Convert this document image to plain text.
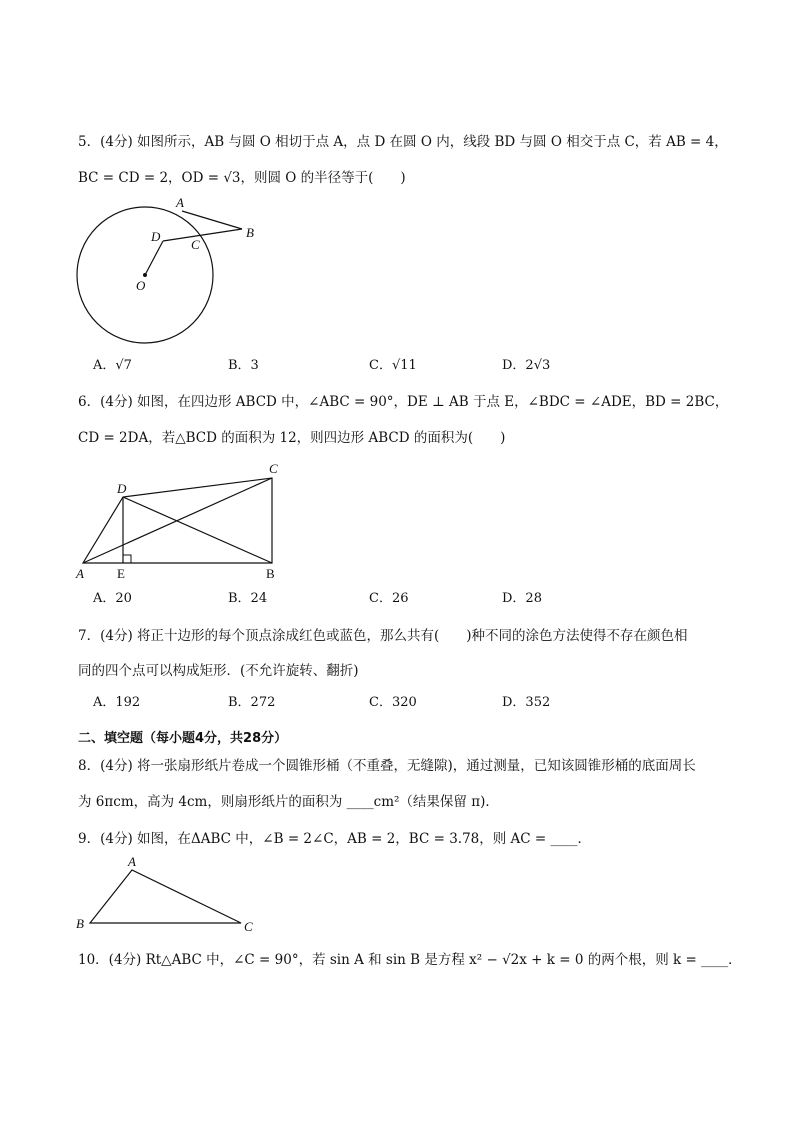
5．(4分) 如图所示，AB 与圆 O 相切于点 A，点 D 在圆 O 内，线段 BD 与圆 O 相交于点 C，若 AB = 4，
BC = CD = 2，OD = √3，则圆 O 的半径等于(　　)
A
B
C
D
O
A．√7	B．3	C．√11	D．2√3
6．(4分) 如图，在四边形 ABCD 中，∠ABC = 90°，DE ⊥ AB 于点 E，∠BDC = ∠ADE，BD = 2BC，
CD = 2DA，若△BCD 的面积为 12，则四边形 ABCD 的面积为(　　)
A	E	B
C
D
A．20	B．24	C．26	D．28
7．(4分) 将正十边形的每个顶点涂成红色或蓝色，那么共有(　　)种不同的涂色方法使得不存在颜色相
同的四个点可以构成矩形．(不允许旋转、翻折)
A．192	B．272	C．320	D．352
二、填空题（每小题4分，共28分）
8．(4分) 将一张扇形纸片卷成一个圆锥形桶（不重叠，无缝隙)，通过测量，已知该圆锥形桶的底面周长
为 6πcm，高为 4cm，则扇形纸片的面积为 ____cm²（结果保留 π)．
9．(4分) 如图，在ΔABC 中，∠B = 2∠C，AB = 2，BC = 3.78，则 AC = ____．
A
B	C
10．(4分) Rt△ABC 中，∠C = 90°，若 sin A 和 sin B 是方程 x² − √2x + k = 0 的两个根，则 k = ____．
